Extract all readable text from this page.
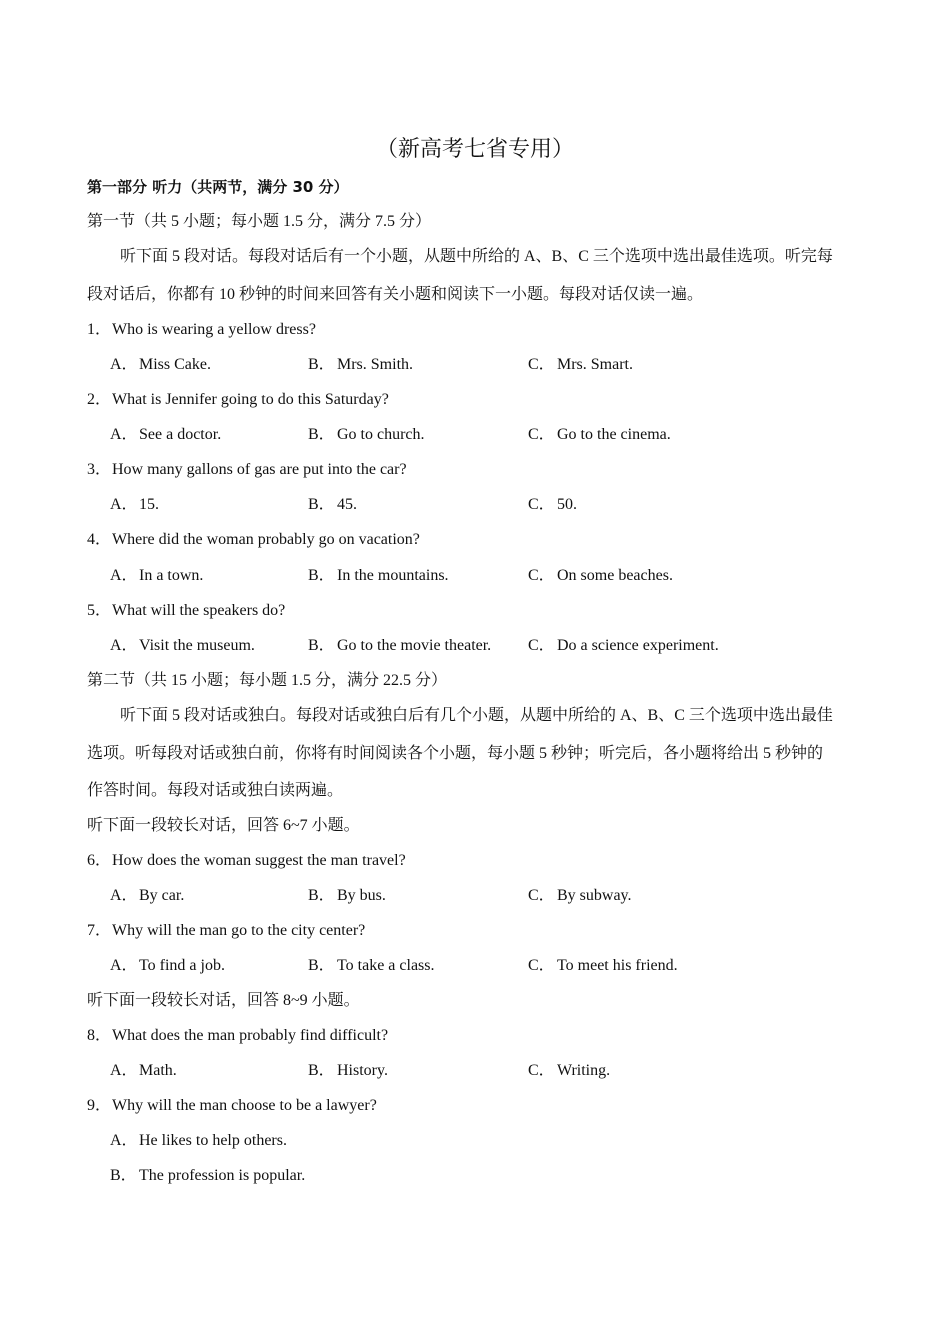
（新高考七省专用）
第一部分 听力（共两节，满分 30 分）
第一节（共 5 小题；每小题 1.5 分，满分 7.5 分）
听下面 5 段对话。每段对话后有一个小题，从题中所给的 A、B、C 三个选项中选出最佳选项。听完每
段对话后，你都有 10 秒钟的时间来回答有关小题和阅读下一小题。每段对话仅读一遍。
1．Who is wearing a yellow dress?
A．Miss Cake.	B． Mrs. Smith.	C． Mrs. Smart.
2．What is Jennifer going to do this Saturday?
A．See a doctor.	B． Go to church.	C． Go to the cinema.
3．How many gallons of gas are put into the car?
A．15.	B． 45.	C． 50.
4．Where did the woman probably go on vacation?
A．In a town.	B． In the mountains.	C． On some beaches.
5．What will the speakers do?
A．Visit the museum.	B． Go to the movie theater. C． Do a science experiment.
第二节（共 15 小题；每小题 1.5 分，满分 22.5 分）
听下面 5 段对话或独白。每段对话或独白后有几个小题，从题中所给的 A、B、C 三个选项中选出最佳
选项。听每段对话或独白前，你将有时间阅读各个小题，每小题 5 秒钟；听完后，各小题将给出 5 秒钟的
作答时间。每段对话或独白读两遍。
听下面一段较长对话，回答 6~7 小题。
6．How does the woman suggest the man travel?
A．By car.	B． By bus.	C． By subway.
7．Why will the man go to the city center?
A．To find a job.	B． To take a class.	C． To meet his friend.
听下面一段较长对话，回答 8~9 小题。
8．What does the man probably find difficult?
A．Math.	B． History.	C． Writing.
9．Why will the man choose to be a lawyer?
A．He likes to help others.
B． The profession is popular.
